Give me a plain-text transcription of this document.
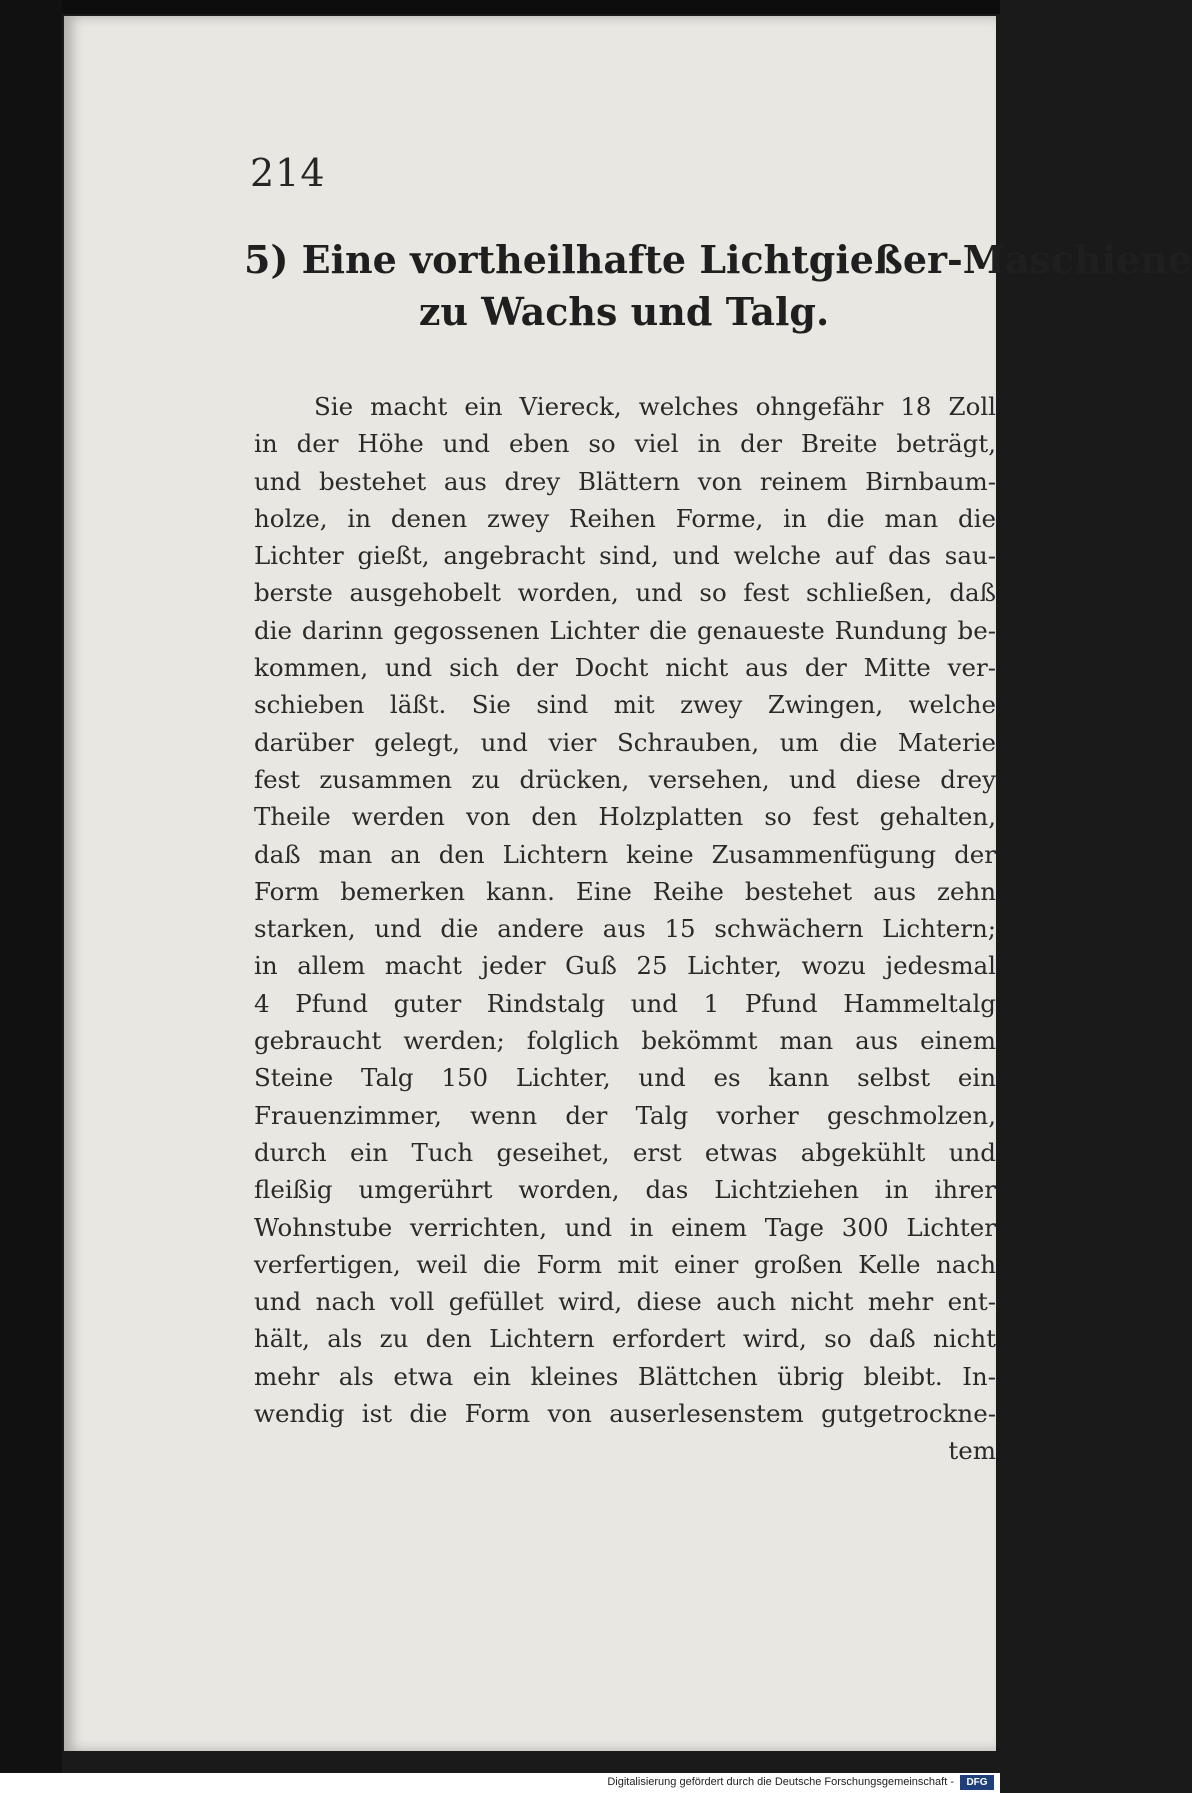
214
5) Eine vortheilhafte Lichtgießer-Maschiene
zu Wachs und Talg.
Sie macht ein Viereck, welches ohngefähr 18 Zoll
in der Höhe und eben so viel in der Breite beträgt,
und bestehet aus drey Blättern von reinem Birnbaum-
holze, in denen zwey Reihen Forme, in die man die
Lichter gießt, angebracht sind, und welche auf das sau-
berste ausgehobelt worden, und so fest schließen, daß
die darinn gegossenen Lichter die genaueste Rundung be-
kommen, und sich der Docht nicht aus der Mitte ver-
schieben läßt. Sie sind mit zwey Zwingen, welche
darüber gelegt, und vier Schrauben, um die Materie
fest zusammen zu drücken, versehen, und diese drey
Theile werden von den Holzplatten so fest gehalten,
daß man an den Lichtern keine Zusammenfügung der
Form bemerken kann. Eine Reihe bestehet aus zehn
starken, und die andere aus 15 schwächern Lichtern;
in allem macht jeder Guß 25 Lichter, wozu jedesmal
4 Pfund guter Rindstalg und 1 Pfund Hammeltalg
gebraucht werden; folglich bekömmt man aus einem
Steine Talg 150 Lichter, und es kann selbst ein
Frauenzimmer, wenn der Talg vorher geschmolzen,
durch ein Tuch geseihet, erst etwas abgekühlt und
fleißig umgerührt worden, das Lichtziehen in ihrer
Wohnstube verrichten, und in einem Tage 300 Lichter
verfertigen, weil die Form mit einer großen Kelle nach
und nach voll gefüllet wird, diese auch nicht mehr ent-
hält, als zu den Lichtern erfordert wird, so daß nicht
mehr als etwa ein kleines Blättchen übrig bleibt. In-
wendig ist die Form von auserlesenstem gutgetrockne-
tem
Digitalisierung gefördert durch die Deutsche Forschungsgemeinschaft -	DFG
